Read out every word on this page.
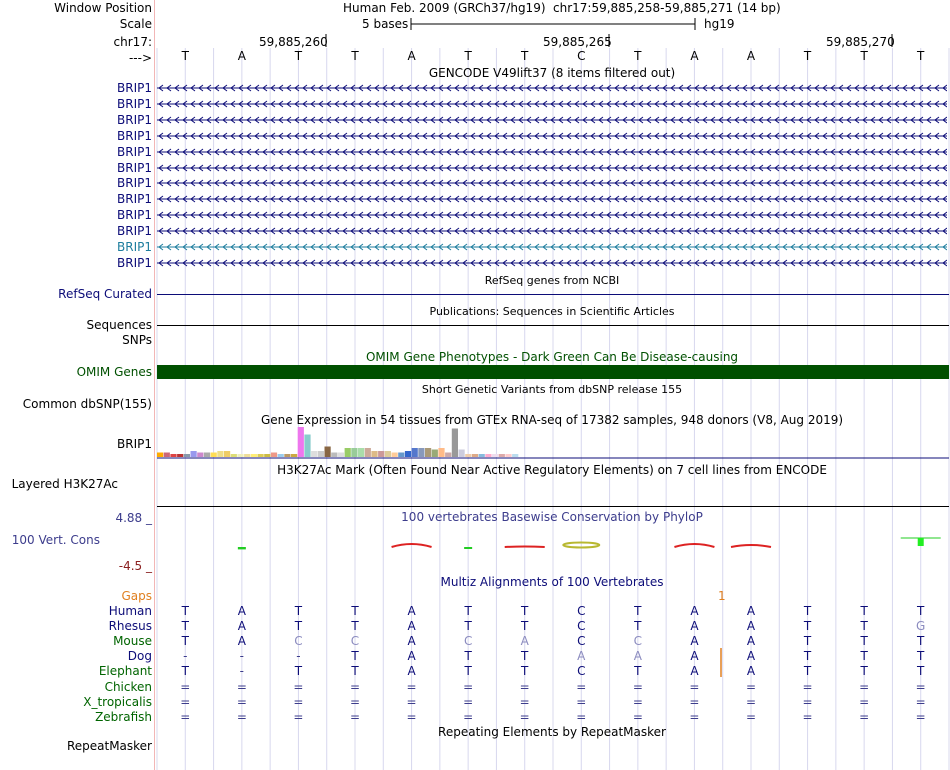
Window Position	Human Feb. 2009 (GRCh37/hg19) chr17:59,885,258-59,885,271 (14 bp)
Scale	5 bases	hg19
chr17:	59,885,260	59,885,265	59,885,270
--->	T	A	T	T	A	T	T	C	T	A	A	T	T	T
GENCODE V49lift37 (8 items filtered out)
BRIP1
BRIP1
BRIP1
BRIP1
BRIP1
BRIP1
BRIP1
BRIP1
BRIP1
BRIP1
BRIP1
BRIP1
RefSeq genes from NCBI
RefSeq Curated
Publications: Sequences in Scientific Articles
Sequences
SNPs
OMIM Gene Phenotypes - Dark Green Can Be Disease-causing
OMIM Genes
Short Genetic Variants from dbSNP release 155
Common dbSNP(155)
Gene Expression in 54 tissues from GTEx RNA-seq of 17382 samples, 948 donors (V8, Aug 2019)
BRIP1
H3K27Ac Mark (Often Found Near Active Regulatory Elements) on 7 cell lines from ENCODE
Layered H3K27Ac
100 vertebrates Basewise Conservation by PhyloP
4.88 _
100 Vert. Cons
-4.5 _
Multiz Alignments of 100 Vertebrates
Gaps	1
Human	T	A	T	T	A	T	T	C	T	A	A	T	T	T
Rhesus	T	A	T	T	A	T	T	C	T	A	A	T	T	G
Mouse	T	A	C	C	A	C	A	C	C	A	A	T	T	T
Dog	-	-	-	T	A	T	T	A	A	A	A	T	T	T
Elephant	T	-	T	T	A	T	T	C	T	A	A	T	T	T
Chicken =	=	=	=	=	=	=	=	=	=	=	=	=	=
X_tropicalis =	=	=	=	=	=	=	=	=	=	=	=	=	=
Zebrafish =	=	=	=	=	=	=	=	=	=	=	=	=	=
Repeating Elements by RepeatMasker
RepeatMasker
